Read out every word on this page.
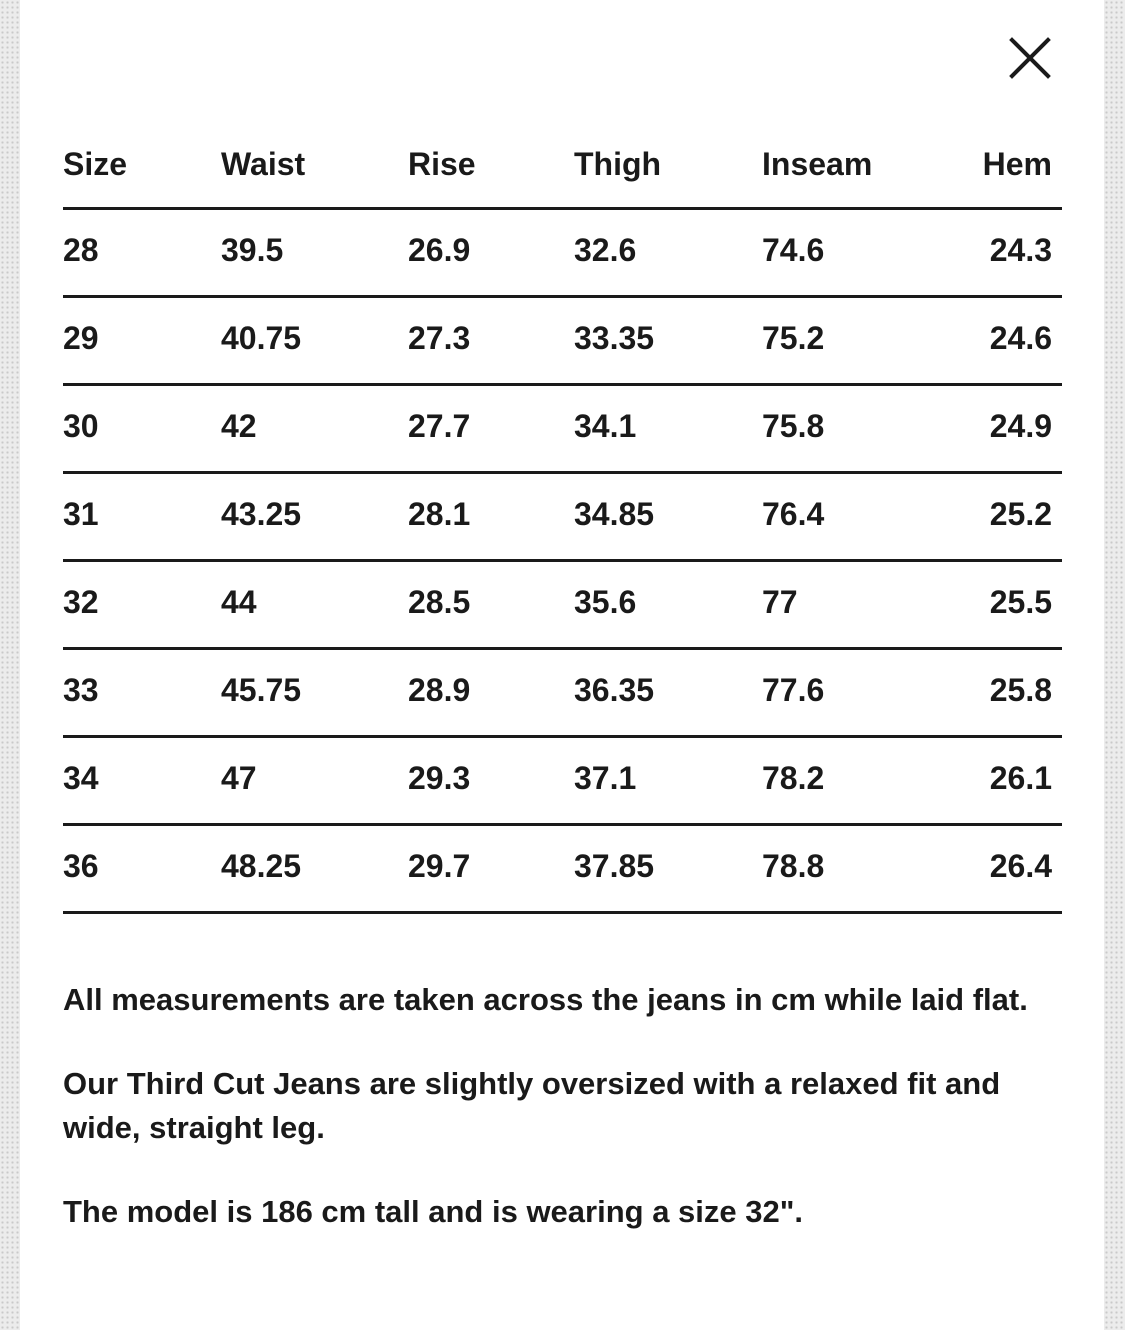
Size	Waist	Rise	Thigh	Inseam	Hem
28	39.5	26.9	32.6	74.6	24.3
29	40.75	27.3	33.35	75.2	24.6
30	42	27.7	34.1	75.8	24.9
31	43.25	28.1	34.85	76.4	25.2
32	44	28.5	35.6	77	25.5
33	45.75	28.9	36.35	77.6	25.8
34	47	29.3	37.1	78.2	26.1
36	48.25	29.7	37.85	78.8	26.4

All measurements are taken across the jeans in cm while laid flat.

Our Third Cut Jeans are slightly oversized with a relaxed fit and wide, straight leg.

The model is 186 cm tall and is wearing a size 32".
